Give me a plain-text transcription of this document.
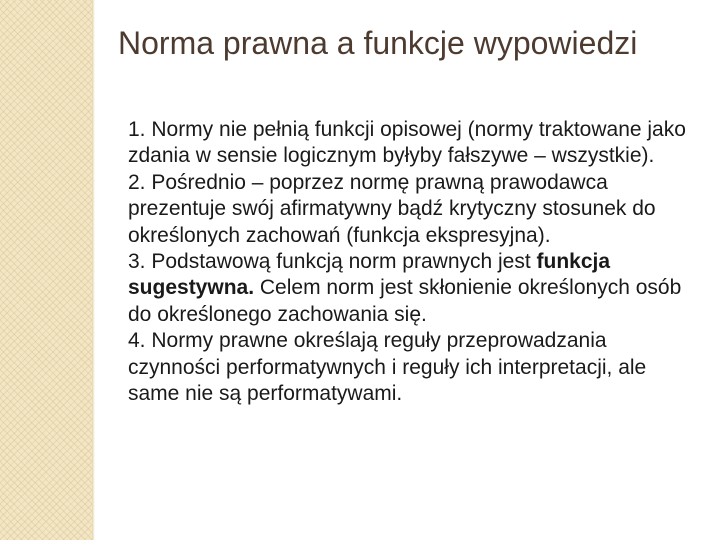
Norma prawna a funkcje wypowiedzi

1. Normy nie pełnią funkcji opisowej (normy traktowane jako zdania w sensie logicznym byłyby fałszywe – wszystkie).

2. Pośrednio – poprzez normę prawną prawodawca prezentuje swój afirmatywny bądź krytyczny stosunek do określonych zachowań (funkcja ekspresyjna).

3. Podstawową funkcją norm prawnych jest funkcja sugestywna. Celem norm jest skłonienie określonych osób do określonego zachowania się.

4. Normy prawne określają reguły przeprowadzania czynności performatywnych i reguły ich interpretacji, ale same nie są performatywami.
